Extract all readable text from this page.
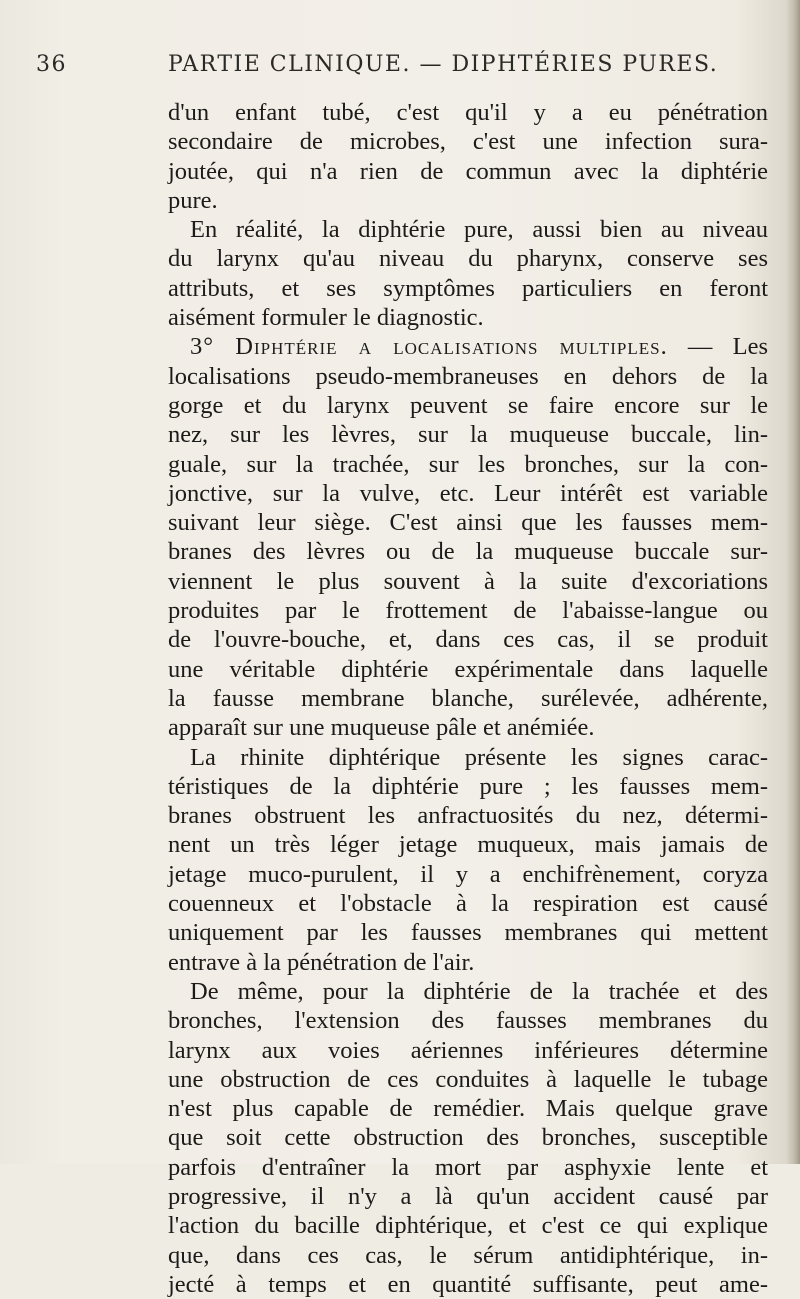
36	PARTIE CLINIQUE. — DIPHTÉRIES PURES.
d'un enfant tubé, c'est qu'il y a eu pénétration
secondaire de microbes, c'est une infection sura-
joutée, qui n'a rien de commun avec la diphtérie
pure.
En réalité, la diphtérie pure, aussi bien au niveau
du larynx qu'au niveau du pharynx, conserve ses
attributs, et ses symptômes particuliers en feront
aisément formuler le diagnostic.
3° Diphtérie a localisations multiples. — Les
localisations pseudo-membraneuses en dehors de la
gorge et du larynx peuvent se faire encore sur le
nez, sur les lèvres, sur la muqueuse buccale, lin-
guale, sur la trachée, sur les bronches, sur la con-
jonctive, sur la vulve, etc. Leur intérêt est variable
suivant leur siège. C'est ainsi que les fausses mem-
branes des lèvres ou de la muqueuse buccale sur-
viennent le plus souvent à la suite d'excoriations
produites par le frottement de l'abaisse-langue ou
de l'ouvre-bouche, et, dans ces cas, il se produit
une véritable diphtérie expérimentale dans laquelle
la fausse membrane blanche, surélevée, adhérente,
apparaît sur une muqueuse pâle et anémiée.
La rhinite diphtérique présente les signes carac-
téristiques de la diphtérie pure ; les fausses mem-
branes obstruent les anfractuosités du nez, détermi-
nent un très léger jetage muqueux, mais jamais de
jetage muco-purulent, il y a enchifrènement, coryza
couenneux et l'obstacle à la respiration est causé
uniquement par les fausses membranes qui mettent
entrave à la pénétration de l'air.
De même, pour la diphtérie de la trachée et des
bronches, l'extension des fausses membranes du
larynx aux voies aériennes inférieures détermine
une obstruction de ces conduites à laquelle le tubage
n'est plus capable de remédier. Mais quelque grave
que soit cette obstruction des bronches, susceptible
parfois d'entraîner la mort par asphyxie lente et
progressive, il n'y a là qu'un accident causé par
l'action du bacille diphtérique, et c'est ce qui explique
que, dans ces cas, le sérum antidiphtérique, in-
jecté à temps et en quantité suffisante, peut ame-
